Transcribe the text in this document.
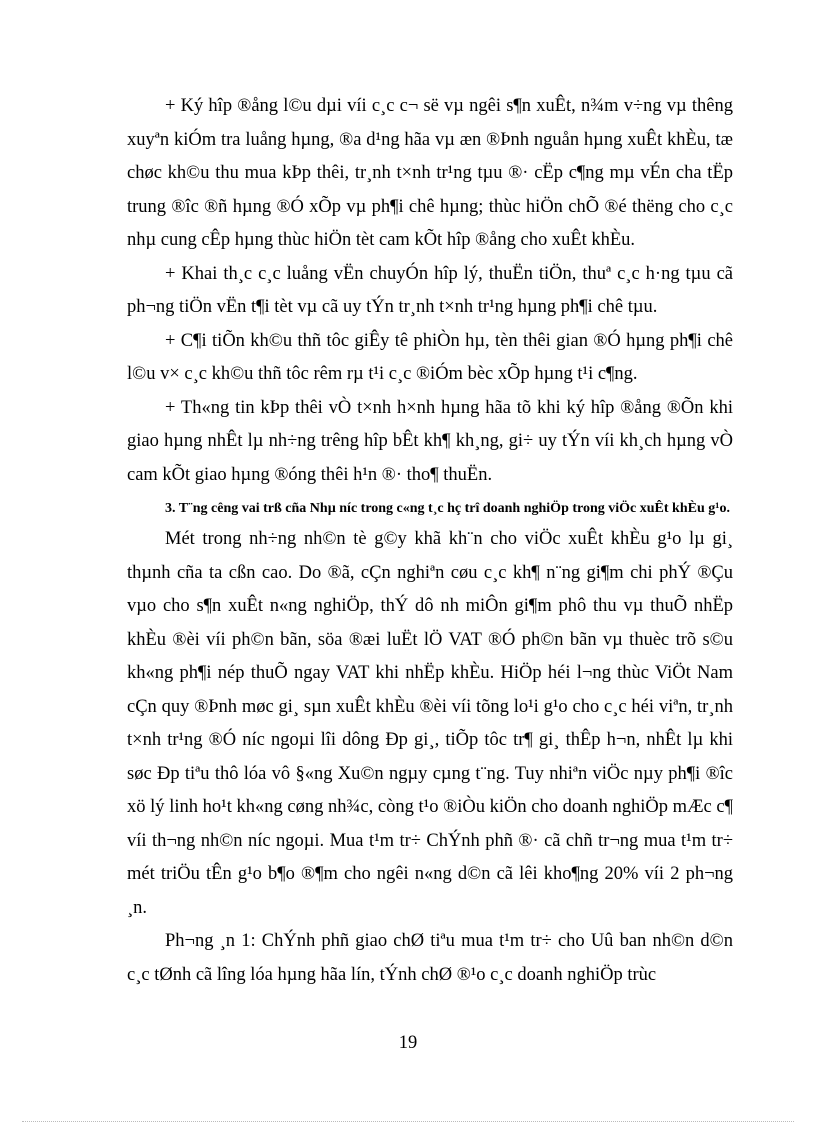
+ Ký hîp ®ång l©u dµi víi c¸c c¬ së vµ ngêi s¶n xuÊt, n¾m v÷ng vµ thêng xuyªn kiÓm tra luång hµng, ®a d¹ng hãa vµ æn ®Þnh nguån hµng xuÊt khÈu, tæ chøc kh©u thu mua kÞp thêi, tr¸nh t×nh tr¹ng tµu ®· cËp c¶ng mµ vÉn cha tËp trung ®îc ®ñ hµng ®Ó xÕp vµ ph¶i chê hµng; thùc hiÖn chÕ ®é thëng cho c¸c nhµ cung cÊp hµng thùc hiÖn tèt cam kÕt hîp ®ång cho xuÊt khÈu.

+ Khai th¸c c¸c luång vËn chuyÓn hîp lý, thuËn tiÖn, thuª c¸c h·ng tµu cã ph¬ng tiÖn vËn t¶i tèt vµ cã uy tÝn tr¸nh t×nh tr¹ng hµng ph¶i chê tµu.

+ C¶i tiÕn kh©u thñ tôc giÊy tê phiÒn hµ, tèn thêi gian ®Ó hµng ph¶i chê l©u v× c¸c kh©u thñ tôc rêm rµ t¹i c¸c ®iÓm bèc xÕp hµng t¹i c¶ng.

+ Th«ng tin kÞp thêi vÒ t×nh h×nh hµng hãa tõ khi ký hîp ®ång ®Õn khi giao hµng nhÊt lµ nh÷ng trêng hîp bÊt kh¶ kh¸ng, gi÷ uy tÝn víi kh¸ch hµng vÒ cam kÕt giao hµng ®óng thêi h¹n ®· tho¶ thuËn.

3. T¨ng cêng vai trß cña Nhµ níc trong c«ng t¸c hç trî doanh nghiÖp trong viÖc xuÊt khÈu g¹o.

Mét trong nh÷ng nh©n tè g©y khã kh¨n cho viÖc xuÊt khÈu g¹o lµ gi¸ thµnh cña ta cßn cao. Do ®ã, cÇn nghiªn cøu c¸c kh¶ n¨ng gi¶m chi phÝ ®Çu vµo cho s¶n xuÊt n«ng nghiÖp, thÝ dô nh miÔn gi¶m phô thu vµ thuÕ nhËp khÈu ®èi víi ph©n bãn, söa ®æi luËt lÖ VAT ®Ó ph©n bãn vµ thuèc trõ s©u kh«ng ph¶i nép thuÕ ngay VAT khi nhËp khÈu. HiÖp héi l¬ng thùc ViÖt Nam cÇn quy ®Þnh møc gi¸ sµn xuÊt khÈu ®èi víi tõng lo¹i g¹o cho c¸c héi viªn, tr¸nh t×nh tr¹ng ®Ó níc ngoµi lîi dông Ðp gi¸, tiÕp tôc tr¶ gi¸ thÊp h¬n, nhÊt lµ khi søc Ðp tiªu thô lóa vô §«ng Xu©n ngµy cµng t¨ng. Tuy nhiªn viÖc nµy ph¶i ®îc xö lý linh ho¹t kh«ng cøng nh¾c, còng t¹o ®iÒu kiÖn cho doanh nghiÖp mÆc c¶ víi th¬ng nh©n níc ngoµi. Mua t¹m tr÷ ChÝnh phñ ®· cã chñ tr¬ng mua t¹m tr÷ mét triÖu tÊn g¹o b¶o ®¶m cho ngêi n«ng d©n cã lêi kho¶ng 20% víi 2 ph¬ng ¸n.

Ph¬ng ¸n 1: ChÝnh phñ giao chØ tiªu mua t¹m tr÷ cho Uû ban nh©n d©n c¸c tØnh cã lîng lóa hµng hãa lín, tÝnh chØ ®¹o c¸c doanh nghiÖp trùc

19
